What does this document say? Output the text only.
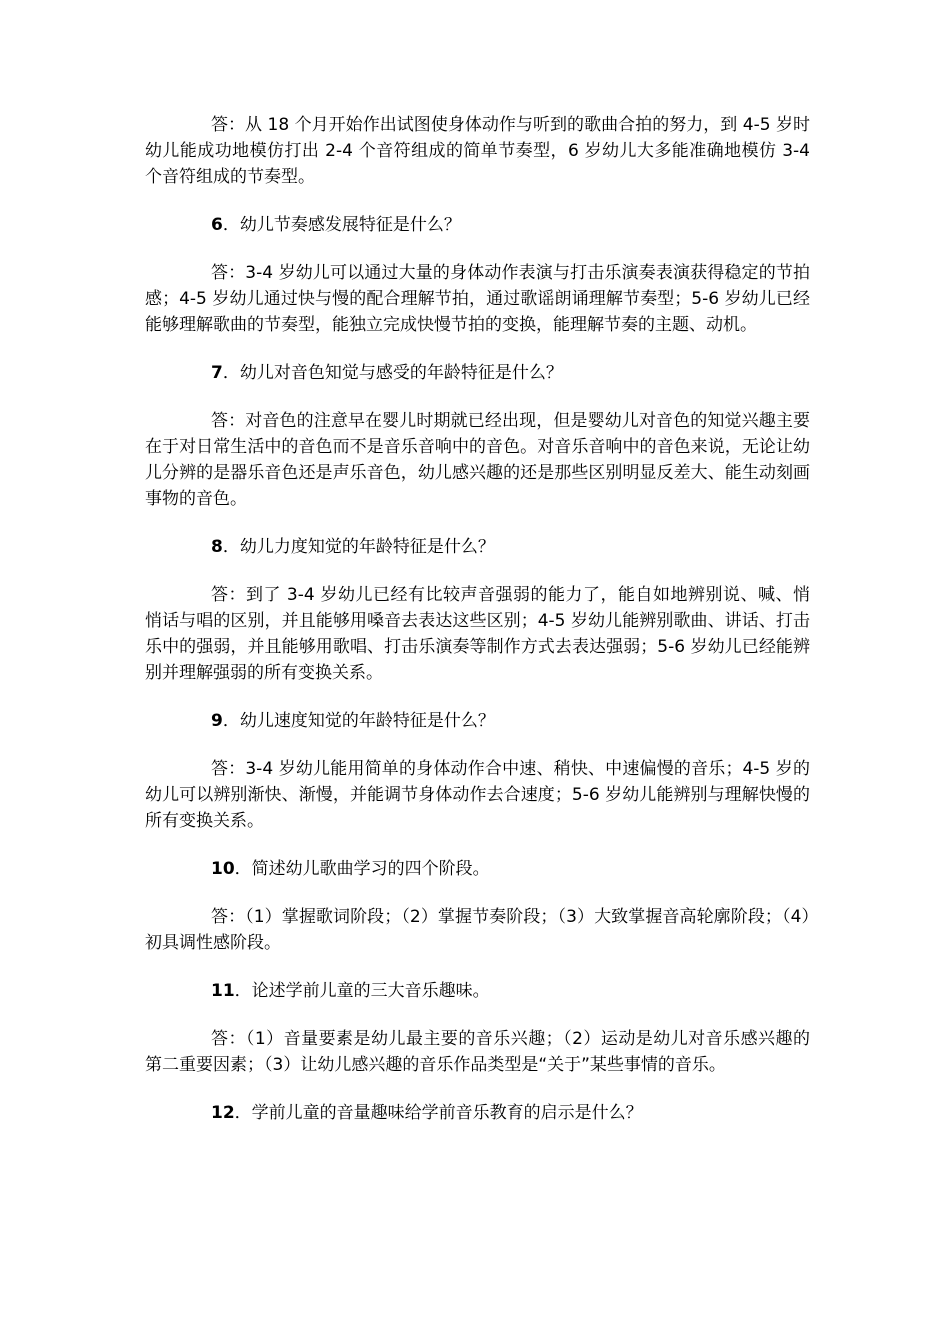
答：从 18 个月开始作出试图使身体动作与听到的歌曲合拍的努力，到 4-5 岁时幼儿能成功地模仿打出 2-4 个音符组成的简单节奏型，6 岁幼儿大多能准确地模仿 3-4 个音符组成的节奏型。

6．幼儿节奏感发展特征是什么？

答：3-4 岁幼儿可以通过大量的身体动作表演与打击乐演奏表演获得稳定的节拍感；4-5 岁幼儿通过快与慢的配合理解节拍，通过歌谣朗诵理解节奏型；5-6 岁幼儿已经能够理解歌曲的节奏型，能独立完成快慢节拍的变换，能理解节奏的主题、动机。

7．幼儿对音色知觉与感受的年龄特征是什么？

答：对音色的注意早在婴儿时期就已经出现，但是婴幼儿对音色的知觉兴趣主要在于对日常生活中的音色而不是音乐音响中的音色。对音乐音响中的音色来说，无论让幼儿分辨的是器乐音色还是声乐音色，幼儿感兴趣的还是那些区别明显反差大、能生动刻画事物的音色。

8．幼儿力度知觉的年龄特征是什么？

答：到了 3-4 岁幼儿已经有比较声音强弱的能力了，能自如地辨别说、喊、悄悄话与唱的区别，并且能够用嗓音去表达这些区别；4-5 岁幼儿能辨别歌曲、讲话、打击乐中的强弱，并且能够用歌唱、打击乐演奏等制作方式去表达强弱；5-6 岁幼儿已经能辨别并理解强弱的所有变换关系。

9．幼儿速度知觉的年龄特征是什么？

答：3-4 岁幼儿能用简单的身体动作合中速、稍快、中速偏慢的音乐；4-5 岁的幼儿可以辨别渐快、渐慢，并能调节身体动作去合速度；5-6 岁幼儿能辨别与理解快慢的所有变换关系。

10．简述幼儿歌曲学习的四个阶段。

答：（1）掌握歌词阶段；（2）掌握节奏阶段；（3）大致掌握音高轮廓阶段；（4）初具调性感阶段。

11．论述学前儿童的三大音乐趣味。

答：（1）音量要素是幼儿最主要的音乐兴趣；（2）运动是幼儿对音乐感兴趣的第二重要因素；（3）让幼儿感兴趣的音乐作品类型是“关于”某些事情的音乐。

12．学前儿童的音量趣味给学前音乐教育的启示是什么？
